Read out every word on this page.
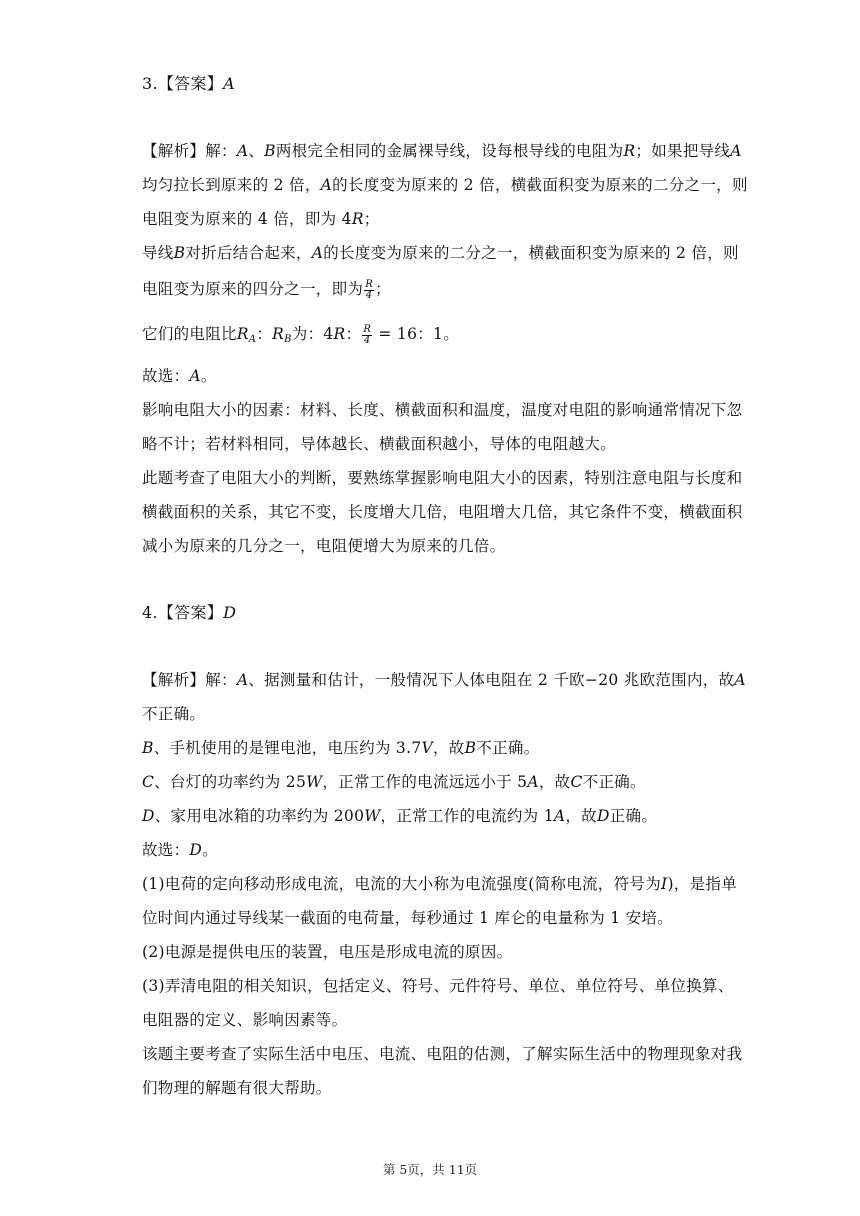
3.【答案】A
【解析】解：A、B两根完全相同的金属裸导线，设每根导线的电阻为R；如果把导线A
均匀拉长到原来的 2 倍，A的长度变为原来的 2 倍，横截面积变为原来的二分之一，则
电阻变为原来的 4 倍，即为 4R；
导线B对折后结合起来，A的长度变为原来的二分之一，横截面积变为原来的 2 倍，则
电阻变为原来的四分之一，即为 $\frac{R}{4}$ ；
它们的电阻比$R_A$：$R_B$为：4R： $\frac{R}{4} = 16$：1。
故选：A。
影响电阻大小的因素：材料、长度、横截面积和温度，温度对电阻的影响通常情况下忽
略不计；若材料相同，导体越长、横截面积越小，导体的电阻越大。
此题考查了电阻大小的判断，要熟练掌握影响电阻大小的因素，特别注意电阻与长度和
横截面积的关系，其它不变，长度增大几倍，电阻增大几倍，其它条件不变，横截面积
减小为原来的几分之一，电阻便增大为原来的几倍。
4.【答案】D
【解析】解：A、据测量和估计，一般情况下人体电阻在 2 千欧−20 兆欧范围内，故A
不正确。
B、手机使用的是锂电池，电压约为 3.7V，故B不正确。
C、台灯的功率约为 25W，正常工作的电流远远小于 5A，故C不正确。
D、家用电冰箱的功率约为 200W，正常工作的电流约为 1A，故D正确。
故选：D。
(1)电荷的定向移动形成电流，电流的大小称为电流强度(简称电流，符号为I)，是指单
位时间内通过导线某一截面的电荷量，每秒通过 1 库仑的电量称为 1 安培。
(2)电源是提供电压的装置，电压是形成电流的原因。
(3)弄清电阻的相关知识，包括定义、符号、元件符号、单位、单位符号、单位换算、
电阻器的定义、影响因素等。
该题主要考查了实际生活中电压、电流、电阻的估测，了解实际生活中的物理现象对我
们物理的解题有很大帮助。
第 5页，共 11页
